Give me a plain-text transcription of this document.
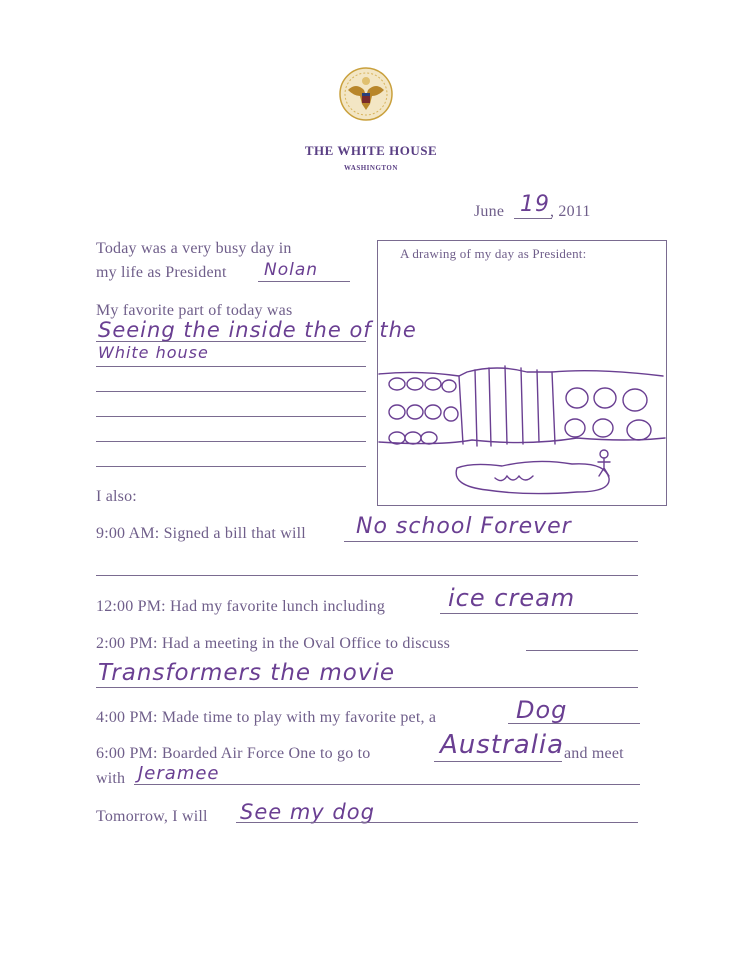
THE WHITE HOUSE
WASHINGTON
June 19 , 2011
Today was a very busy day in
my life as President Nolan
My favorite part of today was
Seeing the inside the of the
White house
A drawing of my day as President:
I also:
9:00 AM: Signed a bill that will No school Forever
12:00 PM: Had my favorite lunch including	ice cream
2:00 PM: Had a meeting in the Oval Office to discuss
Transformers the movie
4:00 PM: Made time to play with my favorite pet, a	Dog
6:00 PM: Boarded Air Force One to go to	Australia and meet
with Jeramee
Tomorrow, I will See my dog
